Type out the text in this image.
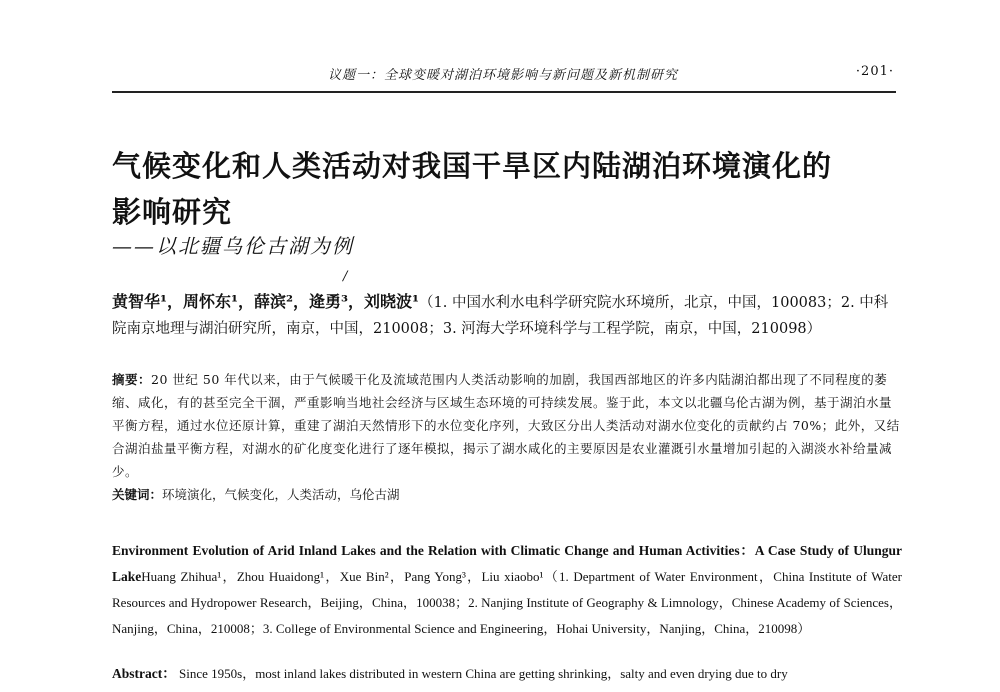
议题一：全球变暖对湖泊环境影响与新问题及新机制研究	·201·
气候变化和人类活动对我国干旱区内陆湖泊环境演化的
影响研究
——以北疆乌伦古湖为例
/
黄智华¹，周怀东¹，薛滨²，逄勇³，刘晓波¹（1. 中国水利水电科学研究院水环境所，北京，中国，100083；2. 中科院南京地理与湖泊研究所，南京，中国，210008；3. 河海大学环境科学与工程学院，南京，中国，210098）
摘要：20 世纪 50 年代以来，由于气候暖干化及流域范围内人类活动影响的加剧，我国西部地区的许多内陆湖泊都出现了不同程度的萎缩、咸化，有的甚至完全干涸，严重影响当地社会经济与区域生态环境的可持续发展。鉴于此，本文以北疆乌伦古湖为例，基于湖泊水量平衡方程，通过水位还原计算，重建了湖泊天然情形下的水位变化序列，大致区分出人类活动对湖水位变化的贡献约占 70%；此外，又结合湖泊盐量平衡方程，对湖水的矿化度变化进行了逐年模拟，揭示了湖水咸化的主要原因是农业灌溉引水量增加引起的入湖淡水补给量减少。
关键词：环境演化，气候变化，人类活动，乌伦古湖
Environment Evolution of Arid Inland Lakes and the Relation with Climatic Change and Human Activities：A Case Study of Ulungur LakeHuang Zhihua¹，Zhou Huaidong¹，Xue Bin²，Pang Yong³，Liu xiaobo¹（1. Department of Water Environment，China Institute of Water Resources and Hydropower Research，Beijing，China，100038；2. Nanjing Institute of Geography & Limnology，Chinese Academy of Sciences，Nanjing，China，210008；3. College of Environmental Science and Engineering，Hohai University，Nanjing，China，210098）
Abstract： Since 1950s，most inland lakes distributed in western China are getting shrinking，salty and even drying due to dry
